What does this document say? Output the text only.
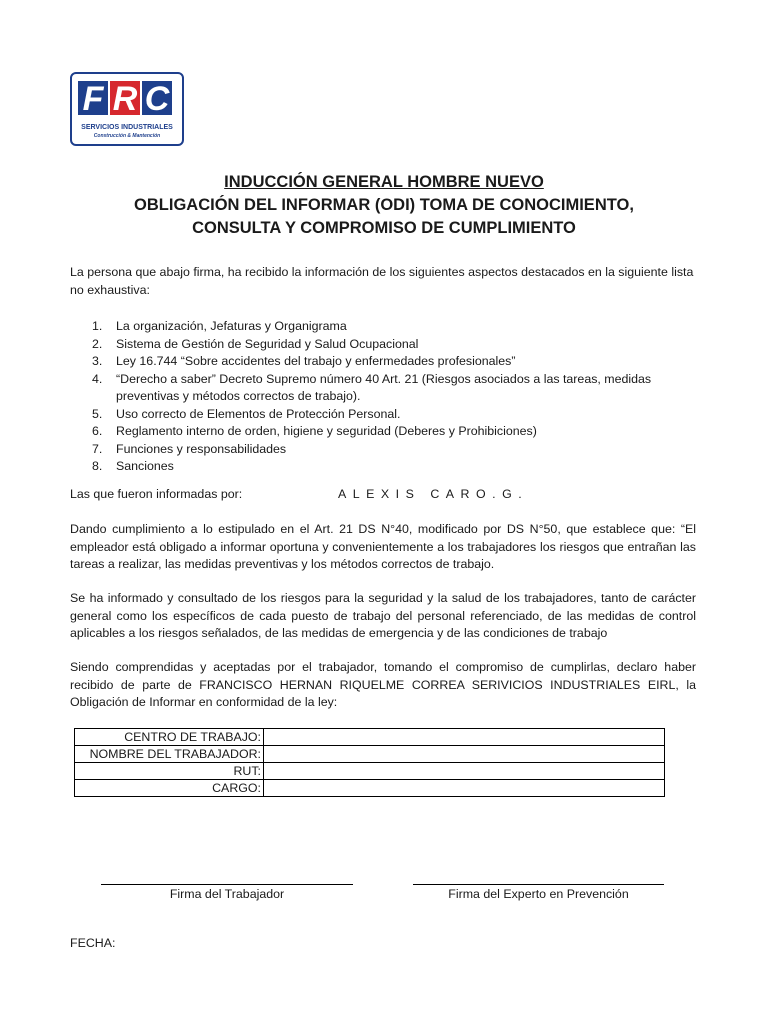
F R C
SERVICIOS INDUSTRIALES
Construcción & Mantención
INDUCCIÓN GENERAL HOMBRE NUEVO
OBLIGACIÓN DEL INFORMAR (ODI) TOMA DE CONOCIMIENTO,
CONSULTA Y COMPROMISO DE CUMPLIMIENTO
La persona que abajo firma, ha recibido la información de los siguientes aspectos destacados en la siguiente lista no exhaustiva:
1.	La organización, Jefaturas y Organigrama
2.	Sistema de Gestión de Seguridad y Salud Ocupacional
3.	Ley 16.744 “Sobre accidentes del trabajo y enfermedades profesionales”
4.	“Derecho a saber” Decreto Supremo número 40 Art. 21 (Riesgos asociados a las tareas, medidas preventivas y métodos correctos de trabajo).
5.	Uso correcto de Elementos de Protección Personal.
6.	Reglamento interno de orden, higiene y seguridad (Deberes y Prohibiciones)
7.	Funciones y responsabilidades
8.	Sanciones
Las que fueron informadas por:	ALEXIS CARO.G.
Dando cumplimiento a lo estipulado en el Art. 21 DS N°40, modificado por DS N°50, que establece que: “El empleador está obligado a informar oportuna y convenientemente a los trabajadores los riesgos que entrañan las tareas a realizar, las medidas preventivas y los métodos correctos de trabajo.
Se ha informado y consultado de los riesgos para la seguridad y la salud de los trabajadores, tanto de carácter general como los específicos de cada puesto de trabajo del personal referenciado, de las medidas de control aplicables a los riesgos señalados, de las medidas de emergencia y de las condiciones de trabajo
Siendo comprendidas y aceptadas por el trabajador, tomando el compromiso de cumplirlas, declaro haber recibido de parte de FRANCISCO HERNAN RIQUELME CORREA SERIVICIOS INDUSTRIALES EIRL, la Obligación de Informar en conformidad de la ley:
CENTRO DE TRABAJO:	
NOMBRE DEL TRABAJADOR:	
RUT:	
CARGO:	
Firma del Trabajador	Firma del Experto en Prevención
FECHA:
